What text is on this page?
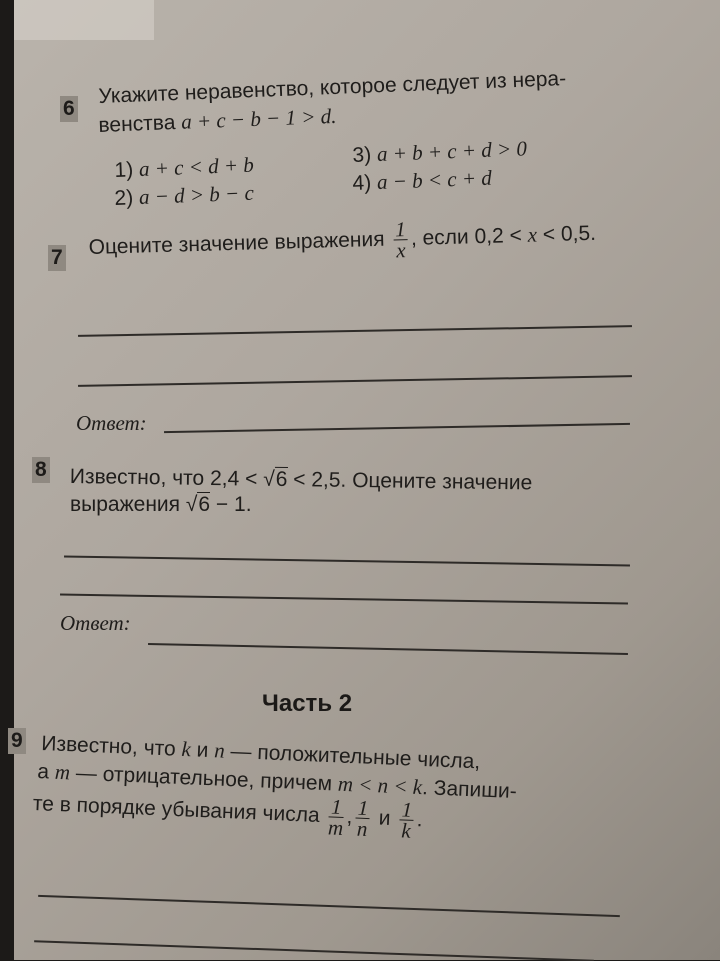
6
Укажите неравенство, которое следует из нера-
венства a + c − b − 1 > d.
1) a + c < d + b
2) a − d > b − c
3) a + b + c + d > 0
4) a − b < c + d
7 Оцените значение выражения $\frac{1}{x}$ , если 0,2 < x < 0,5.
Ответ:
8 Известно, что 2,4 < √6 < 2,5. Оцените значение
выражения √6 − 1.
Ответ:
Часть 2
9 Известно, что k и n — положительные числа,
а m — отрицательное, причем m < n < k. Запиши-
те в порядке убывания числа $\frac{1}{m}$ , $\frac{1}{n}$ и $\frac{1}{k}$ .
